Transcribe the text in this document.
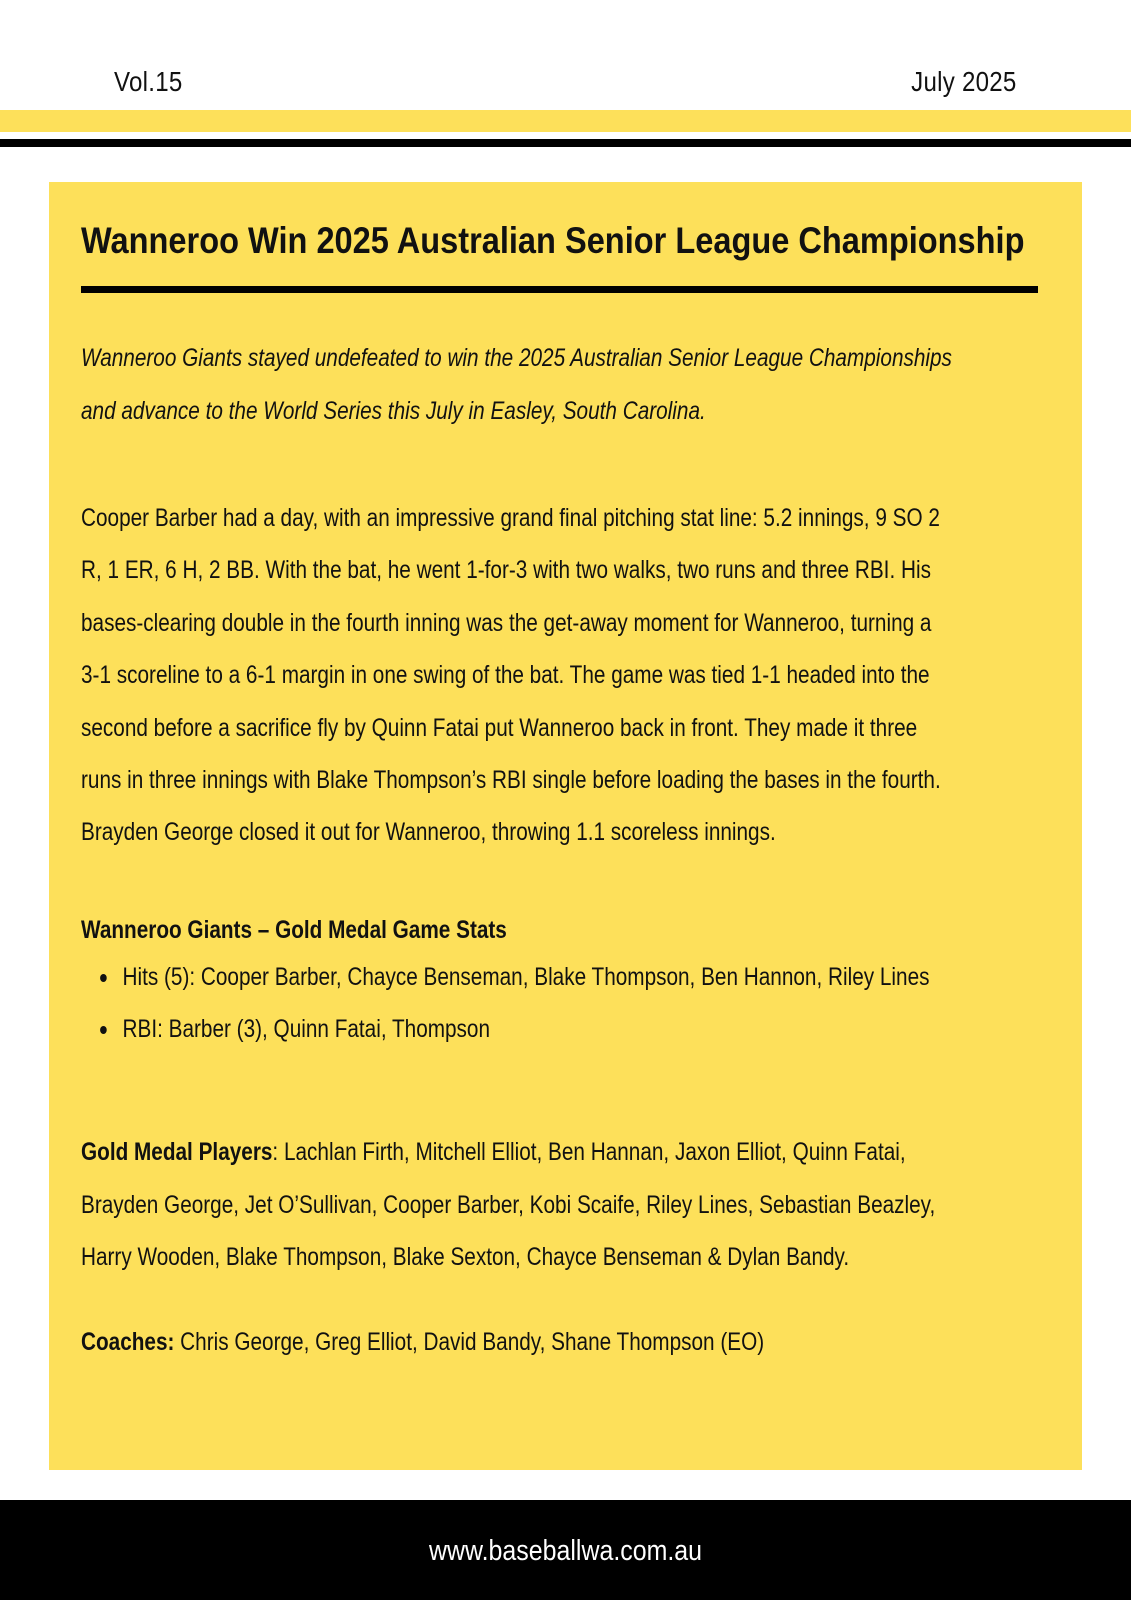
Vol.15	July 2025
Wanneroo Win 2025 Australian Senior League Championship
Wanneroo Giants stayed undefeated to win the 2025 Australian Senior League Championships
and advance to the World Series this July in Easley, South Carolina.
Cooper Barber had a day, with an impressive grand final pitching stat line: 5.2 innings, 9 SO 2
R, 1 ER, 6 H, 2 BB. With the bat, he went 1-for-3 with two walks, two runs and three RBI. His
bases-clearing double in the fourth inning was the get-away moment for Wanneroo, turning a
3-1 scoreline to a 6-1 margin in one swing of the bat. The game was tied 1-1 headed into the
second before a sacrifice fly by Quinn Fatai put Wanneroo back in front. They made it three
runs in three innings with Blake Thompson’s RBI single before loading the bases in the fourth.
Brayden George closed it out for Wanneroo, throwing 1.1 scoreless innings.
Wanneroo Giants – Gold Medal Game Stats
Hits (5): Cooper Barber, Chayce Benseman, Blake Thompson, Ben Hannon, Riley Lines
RBI: Barber (3), Quinn Fatai, Thompson
Gold Medal Players: Lachlan Firth, Mitchell Elliot, Ben Hannan, Jaxon Elliot, Quinn Fatai,
Brayden George, Jet O’Sullivan, Cooper Barber, Kobi Scaife, Riley Lines, Sebastian Beazley,
Harry Wooden, Blake Thompson, Blake Sexton, Chayce Benseman & Dylan Bandy.
Coaches: Chris George, Greg Elliot, David Bandy, Shane Thompson (EO)
www.baseballwa.com.au
